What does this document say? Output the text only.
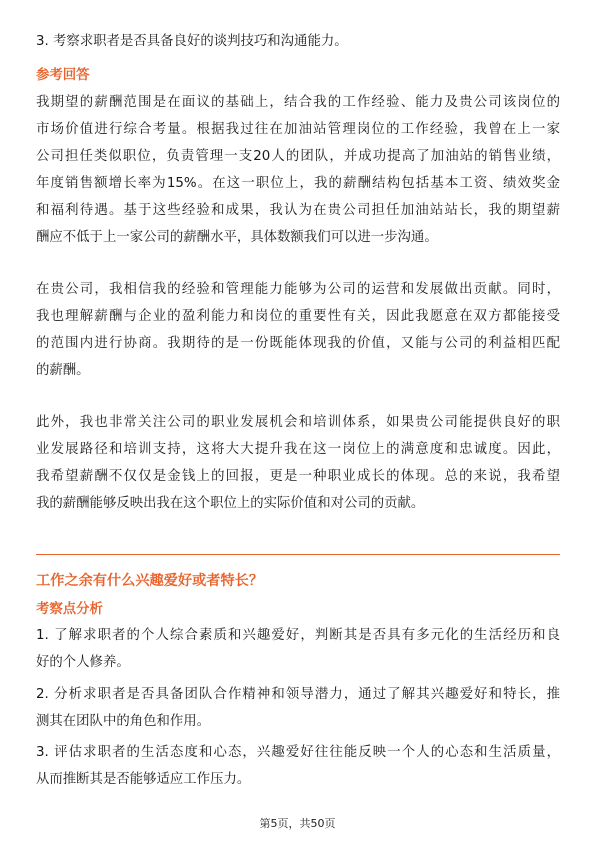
3. 考察求职者是否具备良好的谈判技巧和沟通能力。
参考回答
我期望的薪酬范围是在面议的基础上，结合我的工作经验、能力及贵公司该岗位的
市场价值进行综合考量。根据我过往在加油站管理岗位的工作经验，我曾在上一家
公司担任类似职位，负责管理一支20人的团队，并成功提高了加油站的销售业绩，
年度销售额增长率为15%。在这一职位上，我的薪酬结构包括基本工资、绩效奖金
和福利待遇。基于这些经验和成果，我认为在贵公司担任加油站站长，我的期望薪
酬应不低于上一家公司的薪酬水平，具体数额我们可以进一步沟通。
在贵公司，我相信我的经验和管理能力能够为公司的运营和发展做出贡献。同时，
我也理解薪酬与企业的盈利能力和岗位的重要性有关，因此我愿意在双方都能接受
的范围内进行协商。我期待的是一份既能体现我的价值，又能与公司的利益相匹配
的薪酬。
此外，我也非常关注公司的职业发展机会和培训体系，如果贵公司能提供良好的职
业发展路径和培训支持，这将大大提升我在这一岗位上的满意度和忠诚度。因此，
我希望薪酬不仅仅是金钱上的回报，更是一种职业成长的体现。总的来说，我希望
我的薪酬能够反映出我在这个职位上的实际价值和对公司的贡献。
工作之余有什么兴趣爱好或者特长？
考察点分析
1. 了解求职者的个人综合素质和兴趣爱好，判断其是否具有多元化的生活经历和良
好的个人修养。
2. 分析求职者是否具备团队合作精神和领导潜力，通过了解其兴趣爱好和特长，推
测其在团队中的角色和作用。
3. 评估求职者的生活态度和心态，兴趣爱好往往能反映一个人的心态和生活质量，
从而推断其是否能够适应工作压力。
第5页，共50页
